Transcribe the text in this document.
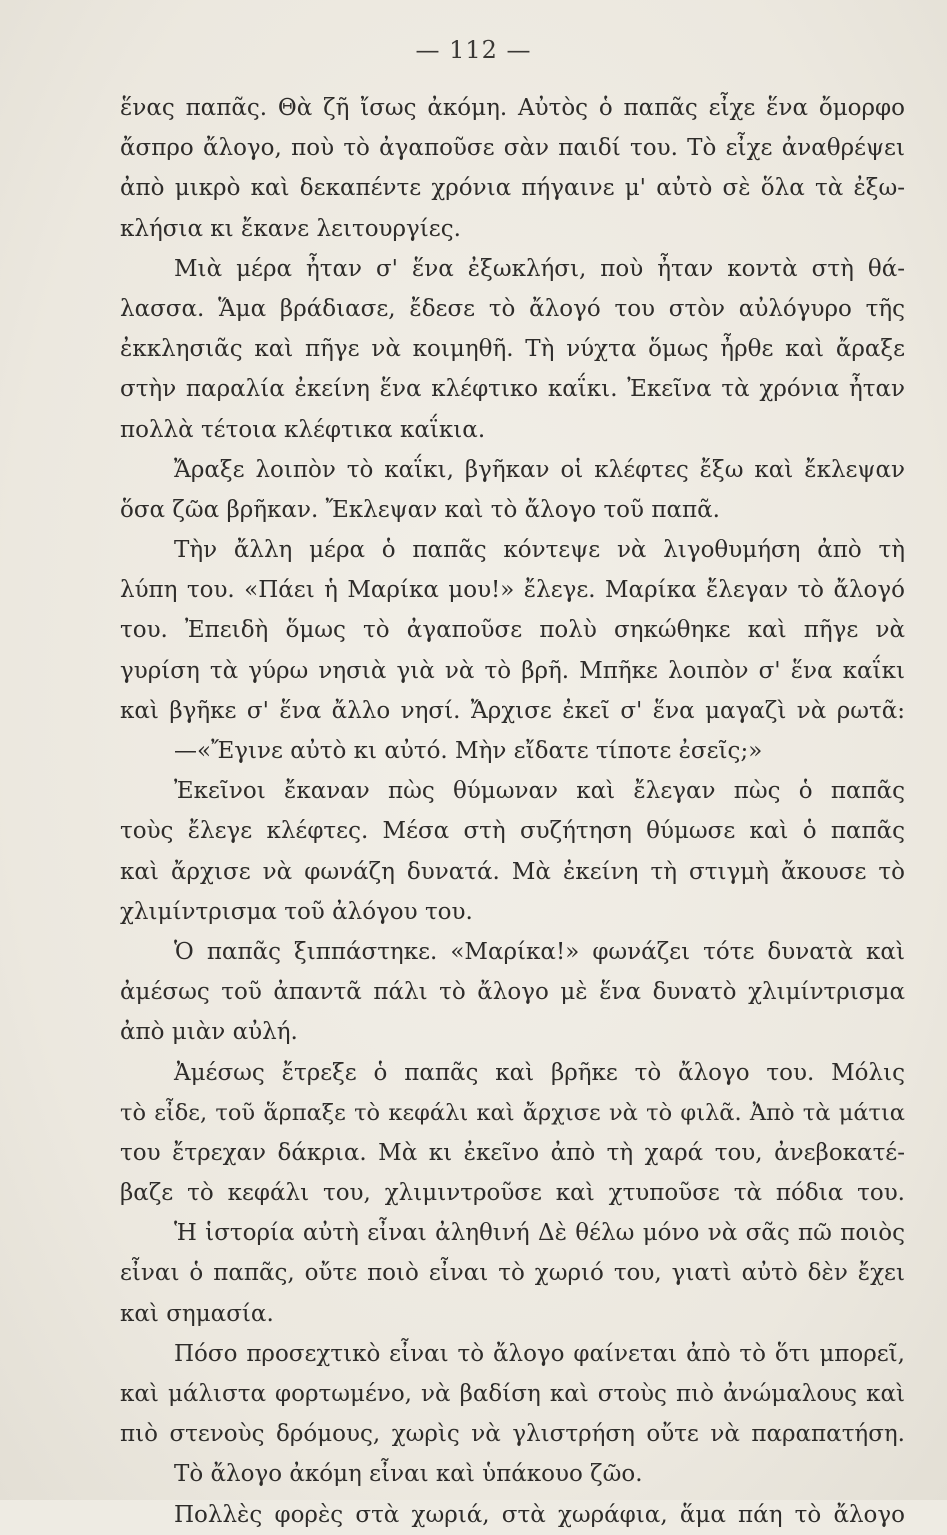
— 112 —
ἕνας παπᾶς. Θὰ ζῆ ἴσως ἀκόμη. Αὐτὸς ὁ παπᾶς εἶχε ἕνα ὄμορφο
ἄσπρο ἄλογο, ποὺ τὸ ἀγαποῦσε σὰν παιδί του. Τὸ εἶχε ἀναθρέψει
ἀπὸ μικρὸ καὶ δεκαπέντε χρόνια πήγαινε μ' αὐτὸ σὲ ὅλα τὰ ἐξω-
κλήσια κι ἔκανε λειτουργίες.
Μιὰ μέρα ἦταν σ' ἕνα ἐξωκλήσι, ποὺ ἦταν κοντὰ στὴ θά-
λασσα. Ἅμα βράδιασε, ἔδεσε τὸ ἄλογό του στὸν αὐλόγυρο τῆς
ἐκκλησιᾶς καὶ πῆγε νὰ κοιμηθῆ. Τὴ νύχτα ὅμως ἦρθε καὶ ἄραξε
στὴν παραλία ἐκείνη ἕνα κλέφτικο καΐκι. Ἐκεῖνα τὰ χρόνια ἦταν
πολλὰ τέτοια κλέφτικα καΐκια.
Ἄραξε λοιπὸν τὸ καΐκι, βγῆκαν οἱ κλέφτες ἔξω καὶ ἔκλεψαν
ὅσα ζῶα βρῆκαν. Ἔκλεψαν καὶ τὸ ἄλογο τοῦ παπᾶ.
Τὴν ἄλλη μέρα ὁ παπᾶς κόντεψε νὰ λιγοθυμήση ἀπὸ τὴ
λύπη του. «Πάει ἡ Μαρίκα μου!» ἔλεγε. Μαρίκα ἔλεγαν τὸ ἄλογό
του. Ἐπειδὴ ὅμως τὸ ἀγαποῦσε πολὺ σηκώθηκε καὶ πῆγε νὰ
γυρίση τὰ γύρω νησιὰ γιὰ νὰ τὸ βρῆ. Μπῆκε λοιπὸν σ' ἕνα καΐκι
καὶ βγῆκε σ' ἕνα ἄλλο νησί. Ἄρχισε ἐκεῖ σ' ἕνα μαγαζὶ νὰ ρωτᾶ:
—«Ἔγινε αὐτὸ κι αὐτό. Μὴν εἴδατε τίποτε ἐσεῖς;»
Ἐκεῖνοι ἔκαναν πὼς θύμωναν καὶ ἔλεγαν πὼς ὁ παπᾶς
τοὺς ἔλεγε κλέφτες. Μέσα στὴ συζήτηση θύμωσε καὶ ὁ παπᾶς
καὶ ἄρχισε νὰ φωνάζη δυνατά. Μὰ ἐκείνη τὴ στιγμὴ ἄκουσε τὸ
χλιμίντρισμα τοῦ ἀλόγου του.
Ὁ παπᾶς ξιππάστηκε. «Μαρίκα!» φωνάζει τότε δυνατὰ καὶ
ἀμέσως τοῦ ἀπαντᾶ πάλι τὸ ἄλογο μὲ ἕνα δυνατὸ χλιμίντρισμα
ἀπὸ μιὰν αὐλή.
Ἀμέσως ἔτρεξε ὁ παπᾶς καὶ βρῆκε τὸ ἄλογο του. Μόλις
τὸ εἶδε, τοῦ ἅρπαξε τὸ κεφάλι καὶ ἄρχισε νὰ τὸ φιλᾶ. Ἀπὸ τὰ μάτια
του ἔτρεχαν δάκρια. Μὰ κι ἐκεῖνο ἀπὸ τὴ χαρά του, ἀνεβοκατέ-
βαζε τὸ κεφάλι του, χλιμιντροῦσε καὶ χτυποῦσε τὰ πόδια του.
Ἡ ἱστορία αὐτὴ εἶναι ἀληθινή Δὲ θέλω μόνο νὰ σᾶς πῶ ποιὸς
εἶναι ὁ παπᾶς, οὔτε ποιὸ εἶναι τὸ χωριό του, γιατὶ αὐτὸ δὲν ἔχει
καὶ σημασία.
Πόσο προσεχτικὸ εἶναι τὸ ἄλογο φαίνεται ἀπὸ τὸ ὅτι μπορεῖ,
καὶ μάλιστα φορτωμένο, νὰ βαδίση καὶ στοὺς πιὸ ἀνώμαλους καὶ
πιὸ στενοὺς δρόμους, χωρὶς νὰ γλιστρήση οὔτε νὰ παραπατήση.
Τὸ ἄλογο ἀκόμη εἶναι καὶ ὑπάκουο ζῶο.
Πολλὲς φορὲς στὰ χωριά, στὰ χωράφια, ἅμα πάη τὸ ἄλογο
